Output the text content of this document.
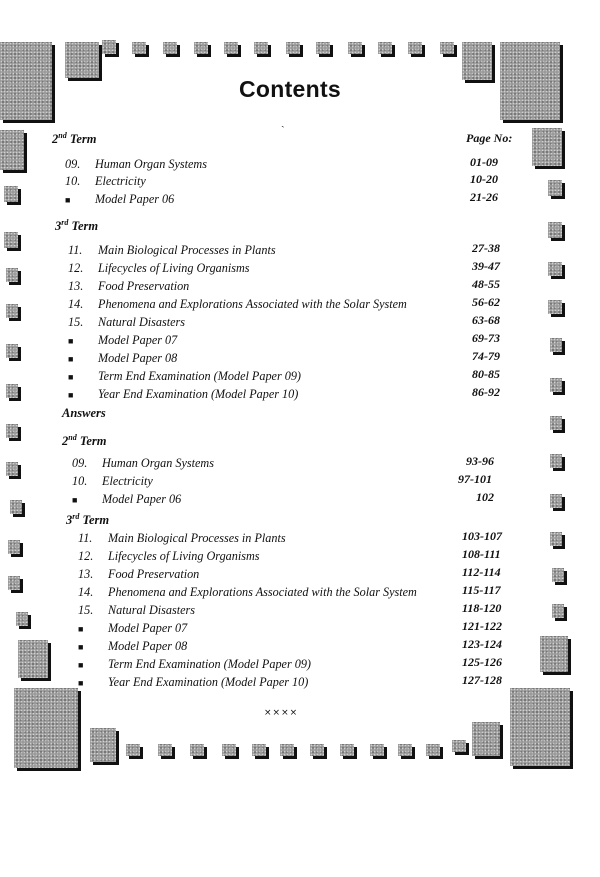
Contents
ˏ
Page No:
Answers
2nd Term
09. Human Organ Systems	01-09
10. Electricity	10-20
■ Model Paper 06	21-26
3rd Term
11. Main Biological Processes in Plants	27-38
12. Lifecycles of Living Organisms	39-47
13. Food Preservation	48-55
14. Phenomena and Explorations Associated with the Solar System	56-62
15. Natural Disasters	63-68
■ Model Paper 07	69-73
■ Model Paper 08	74-79
■ Term End Examination (Model Paper 09)	80-85
■ Year End Examination (Model Paper 10)	86-92
2nd Term
09. Human Organ Systems	93-96
10. Electricity	97-101
■ Model Paper 06	102
3rd Term
11. Main Biological Processes in Plants	103-107
12. Lifecycles of Living Organisms	108-111
13. Food Preservation	112-114
14. Phenomena and Explorations Associated with the Solar System	115-117
15. Natural Disasters	118-120
■ Model Paper 07	121-122
■ Model Paper 08	123-124
■ Term End Examination (Model Paper 09)	125-126
■ Year End Examination (Model Paper 10)	127-128
××××
